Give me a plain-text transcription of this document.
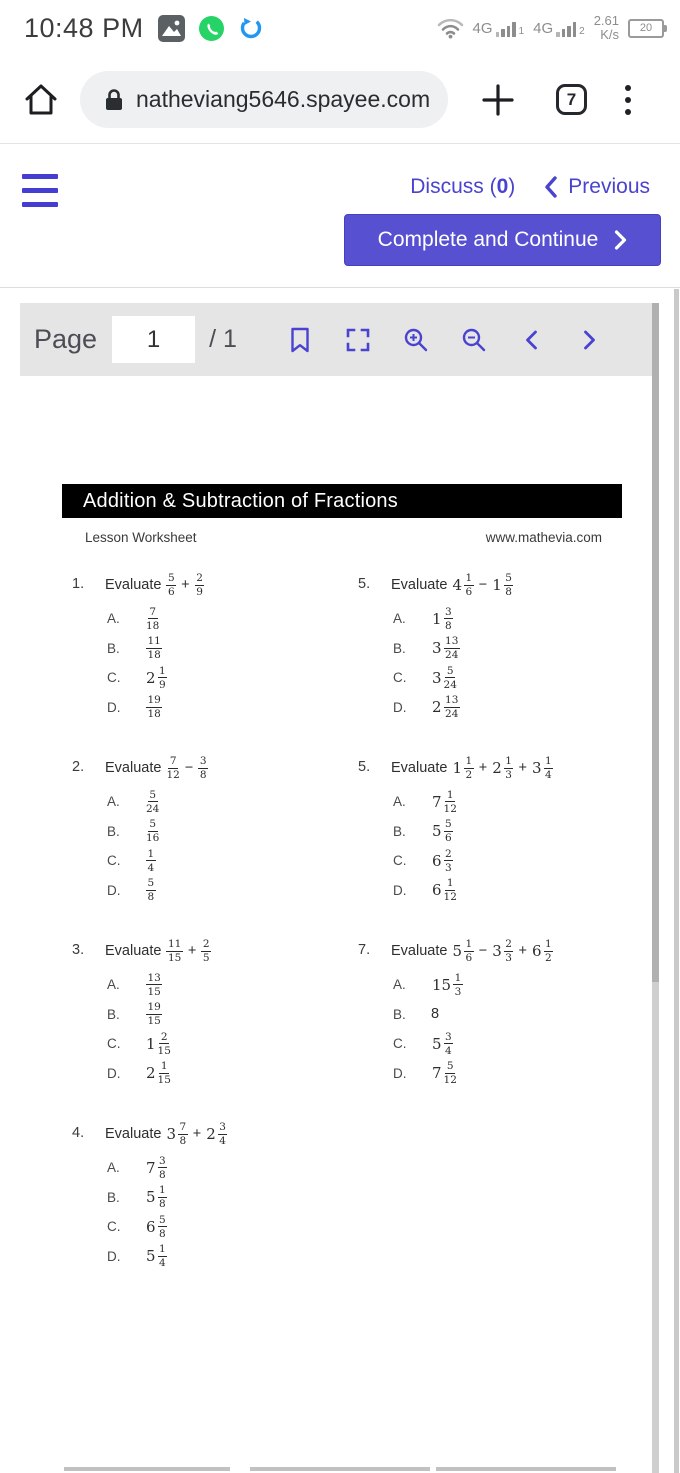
10:48 PM	4G	1 4G	2
2.61
K/s 20
natheviang5646.spayee.com	7
Discuss (0)	Previous
Complete and Continue
Page
1	/ 1
Addition & Subtraction of Fractions
Lesson Worksheet	www.mathevia.com
1.	Evaluate $\frac{5}{6} + \frac{2}{9}$
A.	$\frac{7}{18}$
B.	$\frac{11}{18}$
C.	$2 \frac{1}{9}$
D.	$\frac{19}{18}$
2.	Evaluate $\frac{7}{12} - \frac{3}{8}$
A.	$\frac{5}{24}$
B.	$\frac{5}{16}$
C.	$\frac{1}{4}$
D.	$\frac{5}{8}$
3.	Evaluate $\frac{11}{15} + \frac{2}{5}$
A.	$\frac{13}{15}$
B.	$\frac{19}{15}$
C.	$1 \frac{2}{15}$
D.	$2 \frac{1}{15}$
4.	Evaluate $3 \frac{7}{8} + 2 \frac{3}{4}$
A.	$7 \frac{3}{8}$
B.	$5 \frac{1}{8}$
C.	$6 \frac{5}{8}$
D.	$5 \frac{1}{4}$
5.	Evaluate $4 \frac{1}{6} - 1 \frac{5}{8}$
A.	$1 \frac{3}{8}$
B.	$3 \frac{13}{24}$
C.	$3 \frac{5}{24}$
D.	$2 \frac{13}{24}$
5.	Evaluate $1 \frac{1}{2} + 2 \frac{1}{3} + 3 \frac{1}{4}$
A.	$7 \frac{1}{12}$
B.	$5 \frac{5}{6}$
C.	$6 \frac{2}{3}$
D.	$6 \frac{1}{12}$
7.	Evaluate $5 \frac{1}{6} - 3 \frac{2}{3} + 6 \frac{1}{2}$
A.	$15 \frac{1}{3}$
B.	8
C.	$5 \frac{3}{4}$
D.	$7 \frac{5}{12}$
